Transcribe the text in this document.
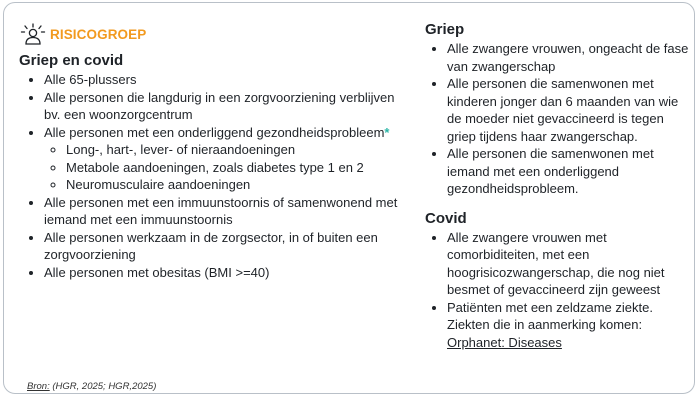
RISICOGROEP
Griep en covid
• Alle 65-plussers
• Alle personen die langdurig in een zorgvoorziening verblijven bv. een woonzorgcentrum
• Alle personen met een onderliggend gezondheidsprobleem*
◦ Long-, hart-, lever- of nieraandoeningen
◦ Metabole aandoeningen, zoals diabetes type 1 en 2
◦ Neuromusculaire aandoeningen
• Alle personen met een immuunstoornis of samenwonend met iemand met een immuunstoornis
• Alle personen werkzaam in de zorgsector, in of buiten een zorgvoorziening
• Alle personen met obesitas (BMI >=40)
Griep
• Alle zwangere vrouwen, ongeacht de fase van zwangerschap
• Alle personen die samenwonen met kinderen jonger dan 6 maanden van wie de moeder niet gevaccineerd is tegen griep tijdens haar zwangerschap.
• Alle personen die samenwonen met iemand met een onderliggend gezondheidsprobleem.
Covid
• Alle zwangere vrouwen met comorbiditeiten, met een hoogrisicozwangerschap, die nog niet besmet of gevaccineerd zijn geweest
• Patiënten met een zeldzame ziekte. Ziekten die in aanmerking komen: Orphanet: Diseases
Bron: (HGR, 2025; HGR,2025)
